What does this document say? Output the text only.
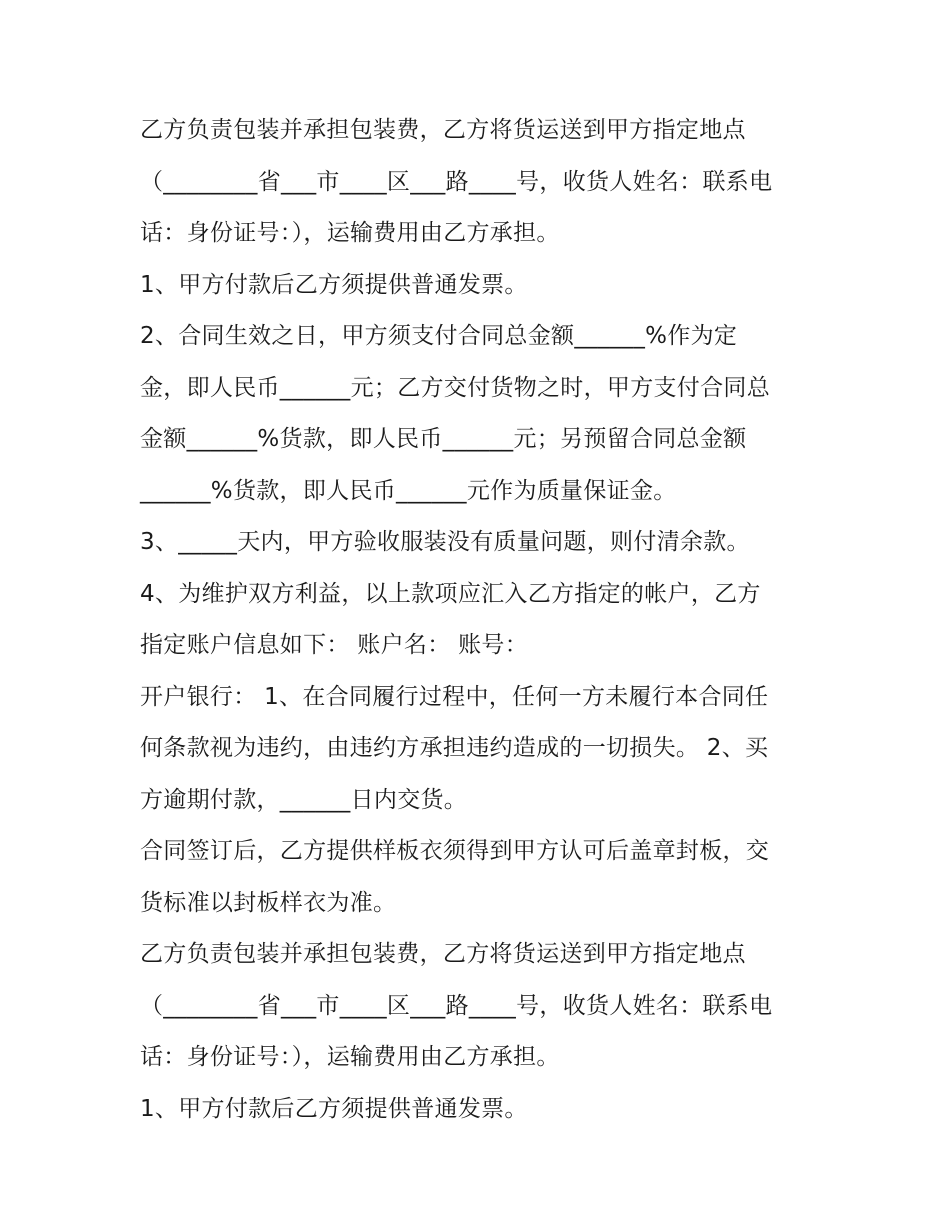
乙方负责包装并承担包装费，乙方将货运送到甲方指定地点
（________省___市____区___路____号，收货人姓名：联系电
话：身份证号：），运输费用由乙方承担。
1、甲方付款后乙方须提供普通发票。
2、合同生效之日，甲方须支付合同总金额______%作为定
金，即人民币______元；乙方交付货物之时，甲方支付合同总
金额______%货款，即人民币______元；另预留合同总金额
______%货款，即人民币______元作为质量保证金。
3、_____天内，甲方验收服装没有质量问题，则付清余款。
4、为维护双方利益，以上款项应汇入乙方指定的帐户，乙方
指定账户信息如下： 账户名： 账号：
开户银行： 1、在合同履行过程中，任何一方未履行本合同任
何条款视为违约，由违约方承担违约造成的一切损失。 2、买
方逾期付款，______日内交货。
合同签订后，乙方提供样板衣须得到甲方认可后盖章封板，交
货标准以封板样衣为准。
乙方负责包装并承担包装费，乙方将货运送到甲方指定地点
（________省___市____区___路____号，收货人姓名：联系电
话：身份证号：），运输费用由乙方承担。
1、甲方付款后乙方须提供普通发票。
